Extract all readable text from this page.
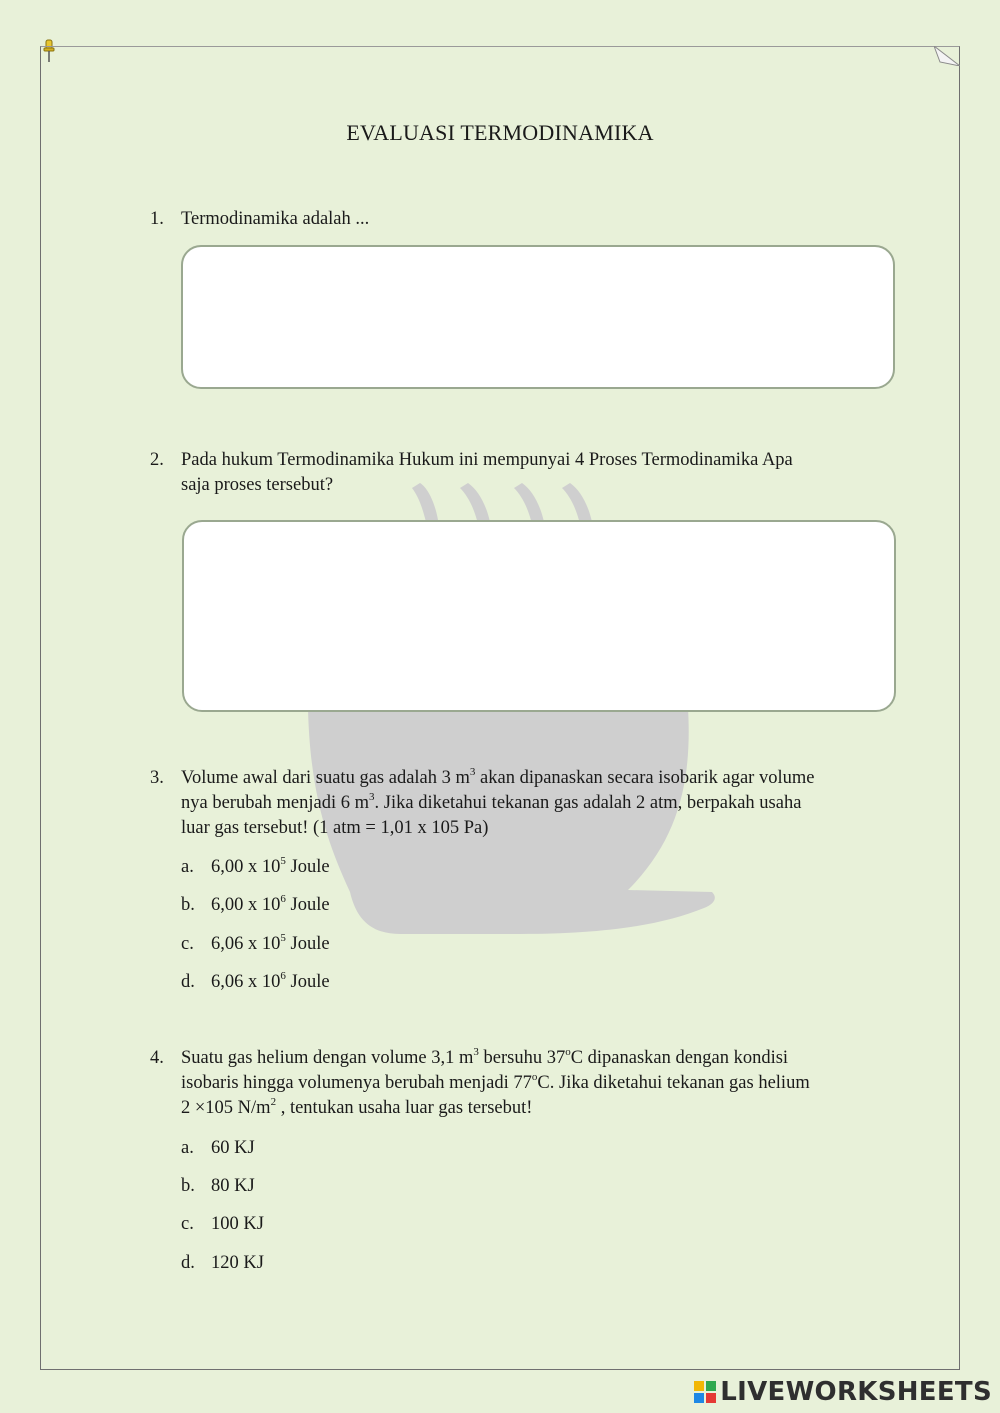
EVALUASI TERMODINAMIKA
1. Termodinamika adalah ...
2. Pada hukum Termodinamika Hukum ini mempunyai 4 Proses Termodinamika Apa
saja proses tersebut?
3. Volume awal dari suatu gas adalah 3 $m^3$ akan dipanaskan secara isobarik agar volume
nya berubah menjadi 6 $m^3$. Jika diketahui tekanan gas adalah 2 atm, berpakah usaha
luar gas tersebut! (1 atm = 1,01 x 105 Pa)
a. 6,00 x $10^5$ Joule
b. 6,00 x $10^6$ Joule
c. 6,06 x $10^5$ Joule
d. 6,06 x $10^6$ Joule
4. Suatu gas helium dengan volume 3,1 $m^3$ bersuhu 37$^o$C dipanaskan dengan kondisi
isobaris hingga volumenya berubah menjadi 77$^o$C. Jika diketahui tekanan gas helium
2 ×105 $N/m^2$ , tentukan usaha luar gas tersebut!
a. 60 KJ
b. 80 KJ
c. 100 KJ
d. 120 KJ
LIVEWORKSHEETS
